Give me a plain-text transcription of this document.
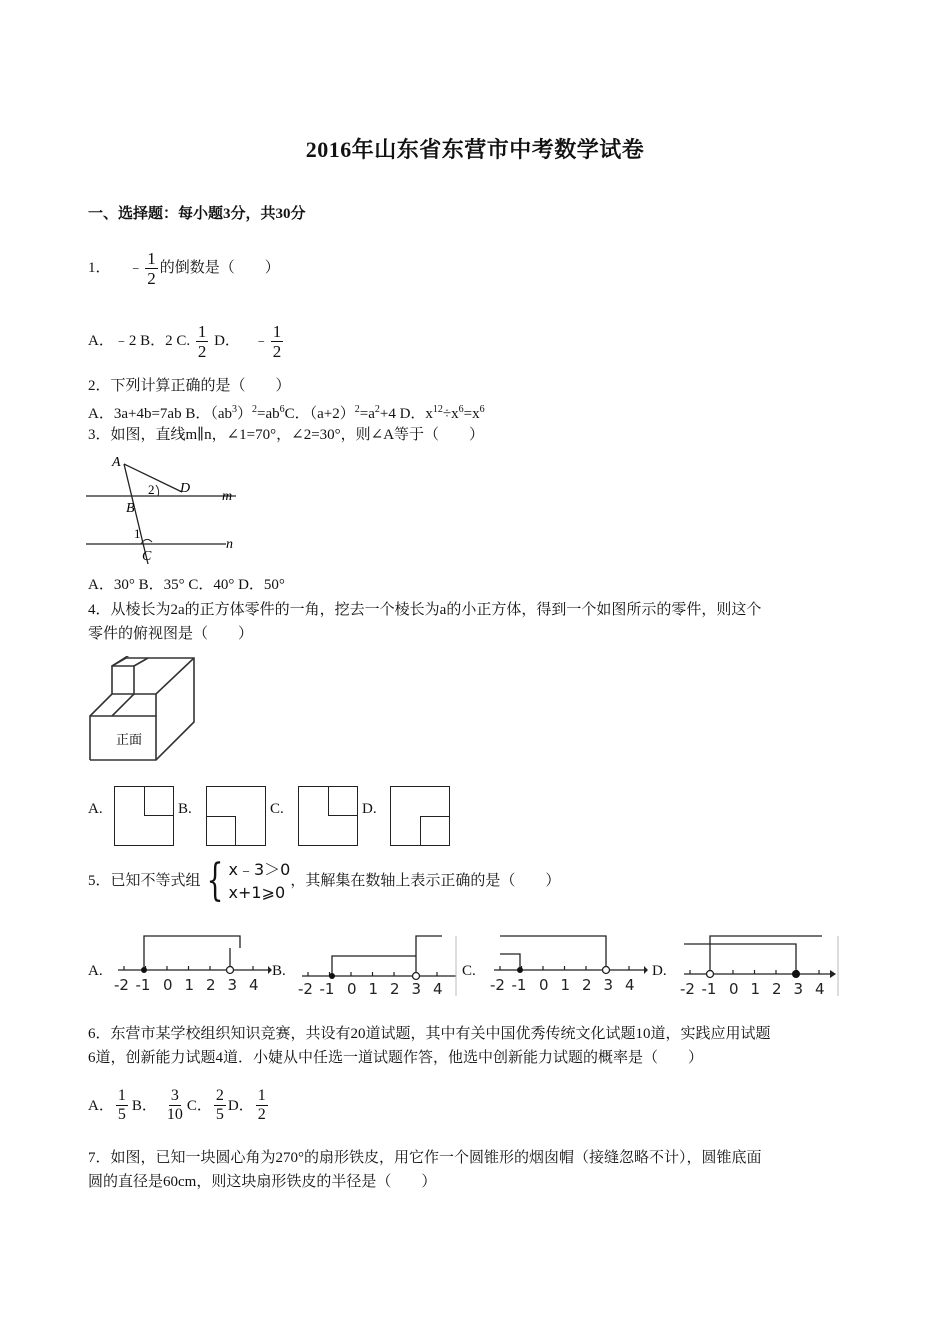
2016年山东省东营市中考数学试卷
一、选择题：每小题3分，共30分
1． ﹣ $\frac{1}{2}$ 的倒数是（　　）
A．﹣2 B．2 C. $\frac{1}{2}$ D． ﹣ $\frac{1}{2}$
2．下列计算正确的是（　　）
A．3a+4b=7ab B．$(ab^3)^2=ab^6C$．$(a+2)^2=a^2+4$ D．$x^{12}\div x^6=x^6$
3．如图，直线m∥n，∠1=70°，∠2=30°，则∠A等于（　　）
A
B
C
D
m
n
1
2
A．30° B．35° C．40° D．50°
4．从棱长为2a的正方体零件的一角，挖去一个棱长为a的小正方体，得到一个如图所示的零件，则这个
零件的俯视图是（　　）
正面
A.	B.	C.	D.
5．已知不等式组 { x﹣3＞0
x+1⩾0
，其解集在数轴上表示正确的是（　　）
A.
-2 -1 0 1 2 3 4
B.
-2 -1 0 1 2 3 4
C.
-2 -1 0 1 2 3 4
D.
-2 -1 0 1 2 3 4
6．东营市某学校组织知识竞赛，共设有20道试题，其中有关中国优秀传统文化试题10道，实践应用试题
6道，创新能力试题4道．小婕从中任选一道试题作答，他选中创新能力试题的概率是（　　）
A． $\frac{1}{5}$ B． $\frac{3}{10}$ C． $\frac{2}{5}$ D． $\frac{1}{2}$
7．如图，已知一块圆心角为270°的扇形铁皮，用它作一个圆锥形的烟囱帽（接缝忽略不计），圆锥底面
圆的直径是60cm，则这块扇形铁皮的半径是（　　）
